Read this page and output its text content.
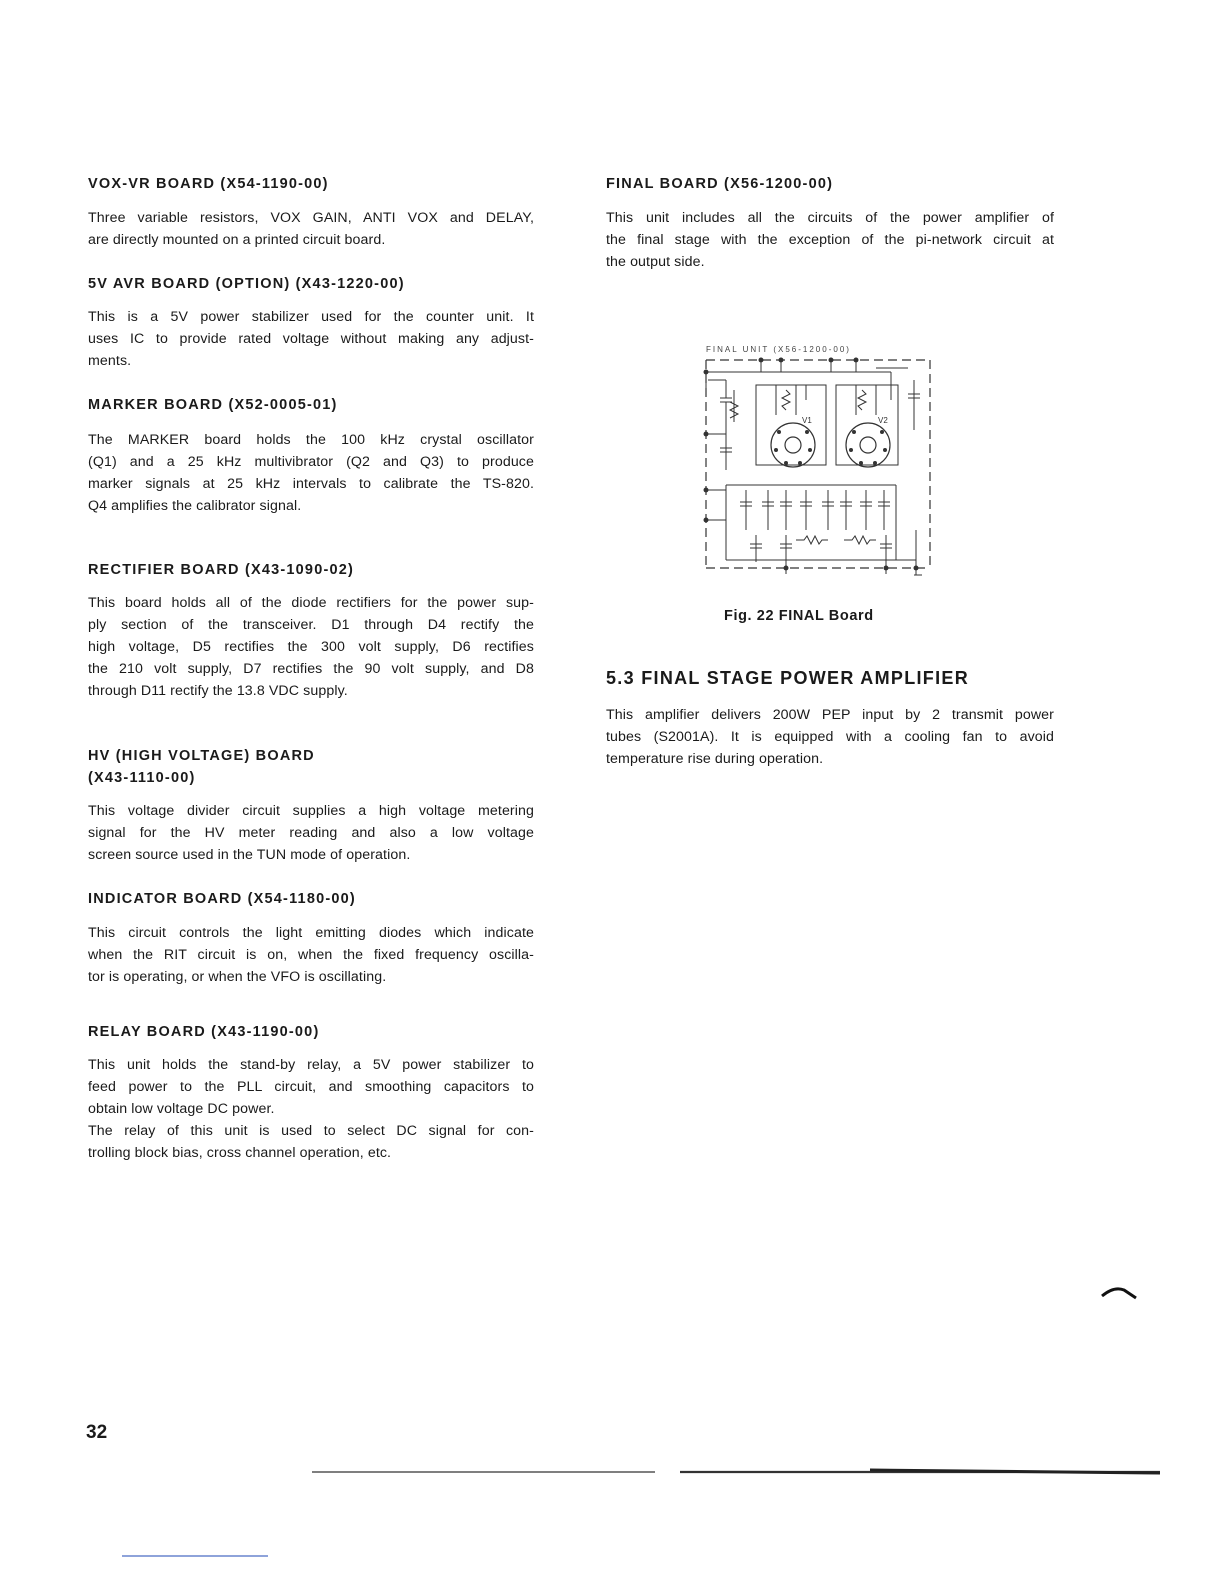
VOX-VR BOARD (X54-1190-00)

Three variable resistors, VOX GAIN, ANTI VOX and DELAY,
are directly mounted on a printed circuit board.

5V AVR BOARD (OPTION) (X43-1220-00)

This is a 5V power stabilizer used for the counter unit. It
uses IC to provide rated voltage without making any adjust-
ments.

MARKER BOARD (X52-0005-01)

The MARKER board holds the 100 kHz crystal oscillator
(Q1) and a 25 kHz multivibrator (Q2 and Q3) to produce
marker signals at 25 kHz intervals to calibrate the TS-820.
Q4 amplifies the calibrator signal.

RECTIFIER BOARD (X43-1090-02)

This board holds all of the diode rectifiers for the power sup-
ply section of the transceiver. D1 through D4 rectify the
high voltage, D5 rectifies the 300 volt supply, D6 rectifies
the 210 volt supply, D7 rectifies the 90 volt supply, and D8
through D11 rectify the 13.8 VDC supply.

HV (HIGH VOLTAGE) BOARD
(X43-1110-00)

This voltage divider circuit supplies a high voltage metering
signal for the HV meter reading and also a low voltage
screen source used in the TUN mode of operation.

INDICATOR BOARD (X54-1180-00)

This circuit controls the light emitting diodes which indicate
when the RIT circuit is on, when the fixed frequency oscilla-
tor is operating, or when the VFO is oscillating.

RELAY BOARD (X43-1190-00)

This unit holds the stand-by relay, a 5V power stabilizer to
feed power to the PLL circuit, and smoothing capacitors to
obtain low voltage DC power.
The relay of this unit is used to select DC signal for con-
trolling block bias, cross channel operation, etc.

FINAL BOARD (X56-1200-00)

This unit includes all the circuits of the power amplifier of
the final stage with the exception of the pi-network circuit at
the output side.

FINAL UNIT (X56-1200-00)
V1	V2

Fig. 22 FINAL Board

5.3 FINAL STAGE POWER AMPLIFIER

This amplifier delivers 200W PEP input by 2 transmit power
tubes (S2001A). It is equipped with a cooling fan to avoid
temperature rise during operation.

32
